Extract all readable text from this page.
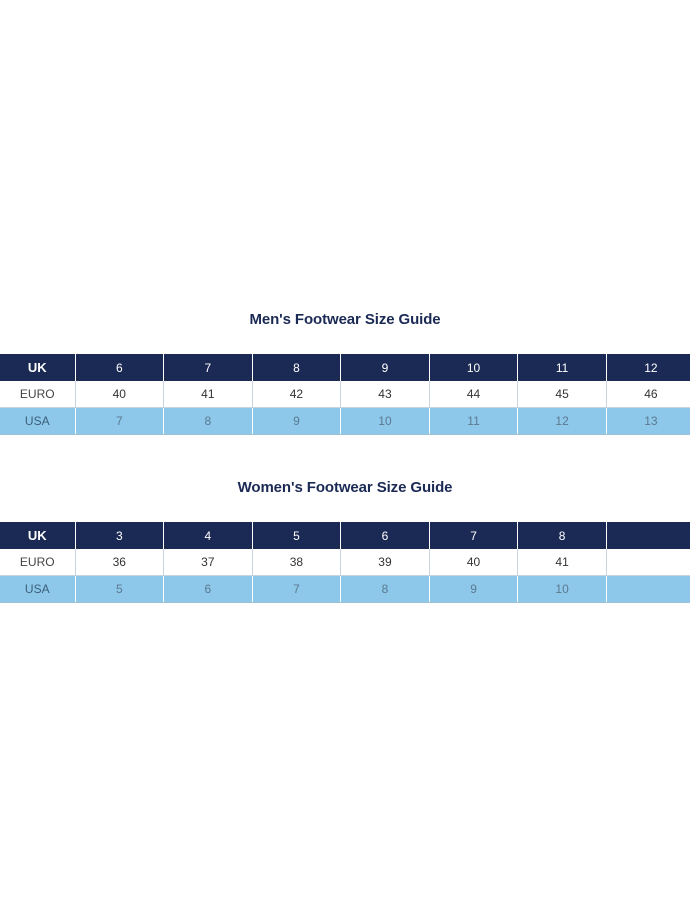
Men's Footwear Size Guide
UK	6	7	8	9	10	11	12
EURO	40	41	42	43	44	45	46
USA	7	8	9	10	11	12	13
Women's Footwear Size Guide
UK	3	4	5	6	7	8	
EURO	36	37	38	39	40	41	
USA	5	6	7	8	9	10	
